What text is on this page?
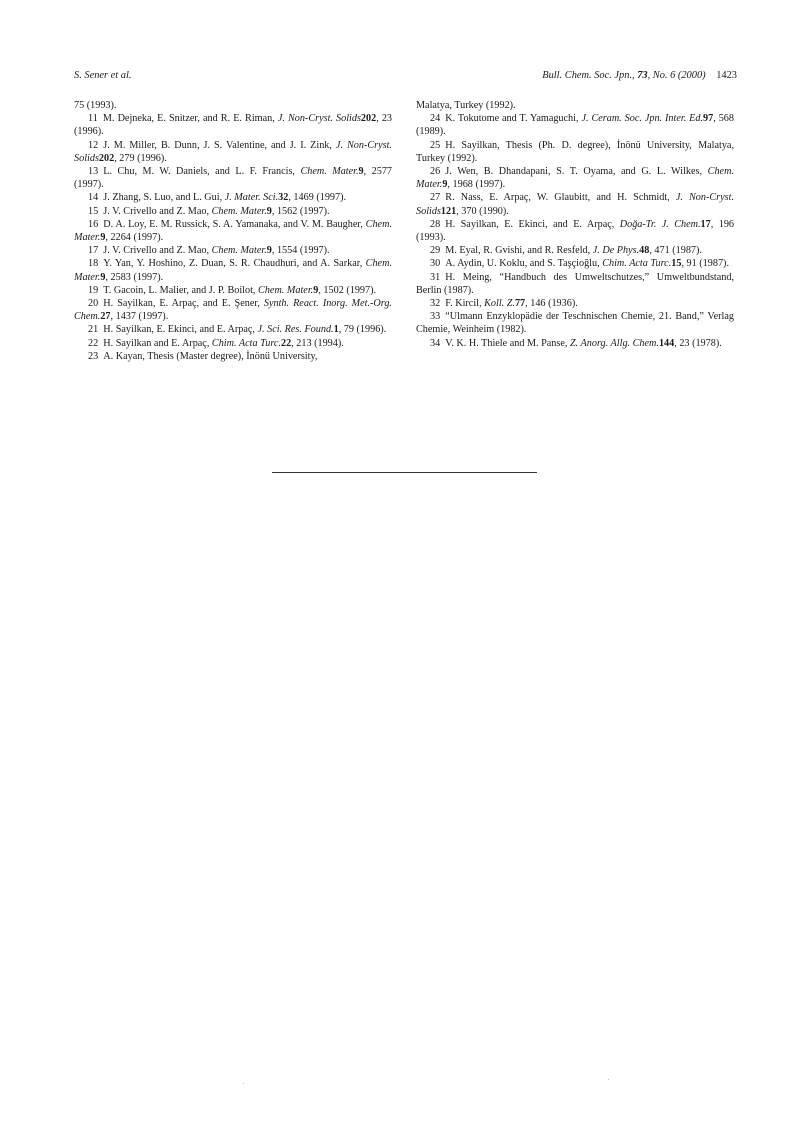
S. Sener et al.	Bull. Chem. Soc. Jpn., 73, No. 6 (2000) 1423

75 (1993).

11  M. Dejneka, E. Snitzer, and R. E. Riman, J. Non-Cryst. Solids202, 23 (1996).

12  J. M. Miller, B. Dunn, J. S. Valentine, and J. I. Zink, J. Non-Cryst. Solids202, 279 (1996).

13  L. Chu, M. W. Daniels, and L. F. Francis, Chem. Mater.9, 2577 (1997).

14  J. Zhang, S. Luo, and L. Gui, J. Mater. Sci.32, 1469 (1997).

15  J. V. Crivello and Z. Mao, Chem. Mater.9, 1562 (1997).

16  D. A. Loy, E. M. Russick, S. A. Yamanaka, and V. M. Baugher, Chem. Mater.9, 2264 (1997).

17  J. V. Crivello and Z. Mao, Chem. Mater.9, 1554 (1997).

18  Y. Yan, Y. Hoshino, Z. Duan, S. R. Chaudhuri, and A. Sarkar, Chem. Mater.9, 2583 (1997).

19  T. Gacoin, L. Malier, and J. P. Boilot, Chem. Mater.9, 1502 (1997).

20  H. Sayilkan, E. Arpaç, and E. Şener, Synth. React. Inorg. Met.-Org. Chem.27, 1437 (1997).

21  H. Sayilkan, E. Ekinci, and E. Arpaç, J. Sci. Res. Found.1, 79 (1996).

22  H. Sayilkan and E. Arpaç, Chim. Acta Turc.22, 213 (1994).

23  A. Kayan, Thesis (Master degree), İnönü University,

Malatya, Turkey (1992).

24  K. Tokutome and T. Yamaguchi, J. Ceram. Soc. Jpn. Inter. Ed.97, 568 (1989).

25  H. Sayilkan, Thesis (Ph. D. degree), İnönü University, Malatya, Turkey (1992).

26  J. Wen, B. Dhandapani, S. T. Oyama, and G. L. Wilkes, Chem. Mater.9, 1968 (1997).

27  R. Nass, E. Arpaç, W. Glaubitt, and H. Schmidt, J. Non-Cryst. Solids121, 370 (1990).

28  H. Sayilkan, E. Ekinci, and E. Arpaç, Doğa-Tr. J. Chem.17, 196 (1993).

29  M. Eyal, R. Gvishi, and R. Resfeld, J. De Phys.48, 471 (1987).

30  A. Aydin, U. Koklu, and S. Taşçioğlu, Chim. Acta Turc.15, 91 (1987).

31  H. Meing, “Handbuch des Umweltschutzes,” Umweltbundstand, Berlin (1987).

32  F. Kircil, Koll. Z.77, 146 (1936).

33  “Ulmann Enzyklopädie der Teschnischen Chemie, 21. Band,” Verlag Chemie, Weinheim (1982).

34  V. K. H. Thiele and M. Panse, Z. Anorg. Allg. Chem.144, 23 (1978).
